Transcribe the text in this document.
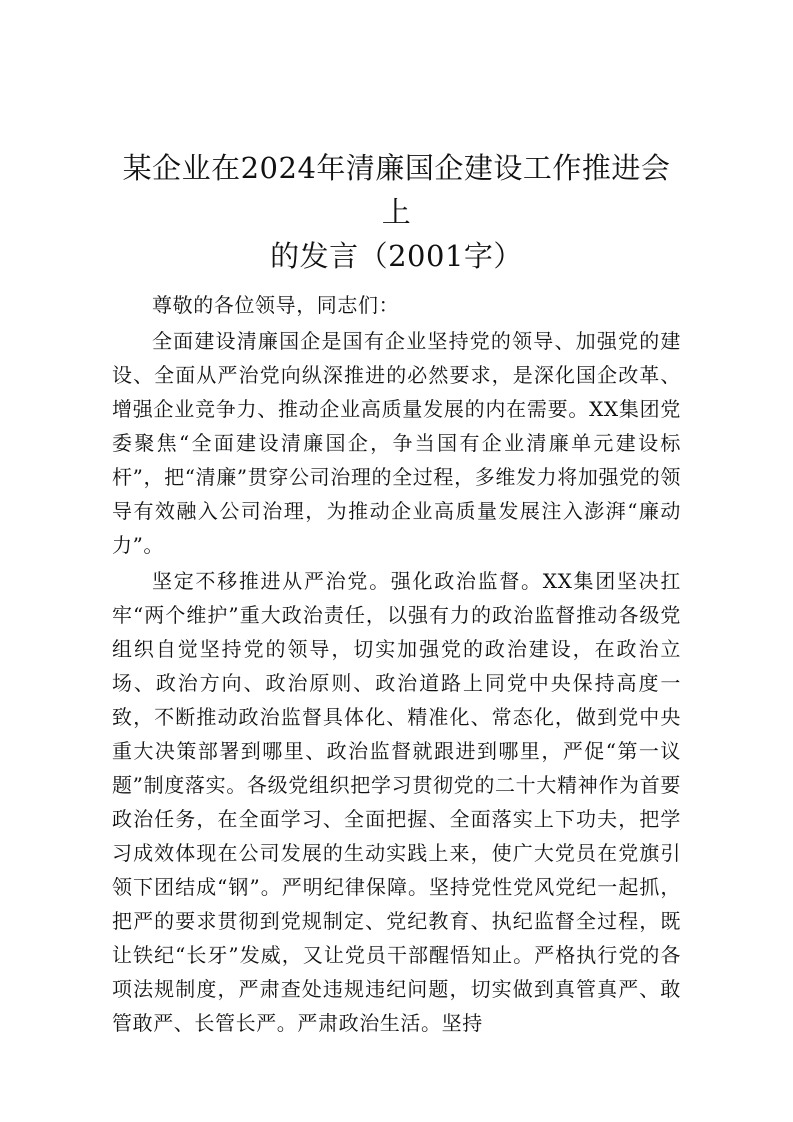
某企业在2024年清廉国企建设工作推进会上
的发言（2001字）

尊敬的各位领导，同志们：

全面建设清廉国企是国有企业坚持党的领导、加强党的建设、全面从严治党向纵深推进的必然要求，是深化国企改革、增强企业竞争力、推动企业高质量发展的内在需要。XX集团党委聚焦“全面建设清廉国企，争当国有企业清廉单元建设标杆”，把“清廉”贯穿公司治理的全过程，多维发力将加强党的领导有效融入公司治理，为推动企业高质量发展注入澎湃“廉动力”。

坚定不移推进从严治党。强化政治监督。XX集团坚决扛牢“两个维护”重大政治责任，以强有力的政治监督推动各级党组织自觉坚持党的领导，切实加强党的政治建设，在政治立场、政治方向、政治原则、政治道路上同党中央保持高度一致，不断推动政治监督具体化、精准化、常态化，做到党中央重大决策部署到哪里、政治监督就跟进到哪里，严促“第一议题”制度落实。各级党组织把学习贯彻党的二十大精神作为首要政治任务，在全面学习、全面把握、全面落实上下功夫，把学习成效体现在公司发展的生动实践上来，使广大党员在党旗引领下团结成“钢”。严明纪律保障。坚持党性党风党纪一起抓，把严的要求贯彻到党规制定、党纪教育、执纪监督全过程，既让铁纪“长牙”发威，又让党员干部醒悟知止。严格执行党的各项法规制度，严肃查处违规违纪问题，切实做到真管真严、敢管敢严、长管长严。严肃政治生活。坚持
